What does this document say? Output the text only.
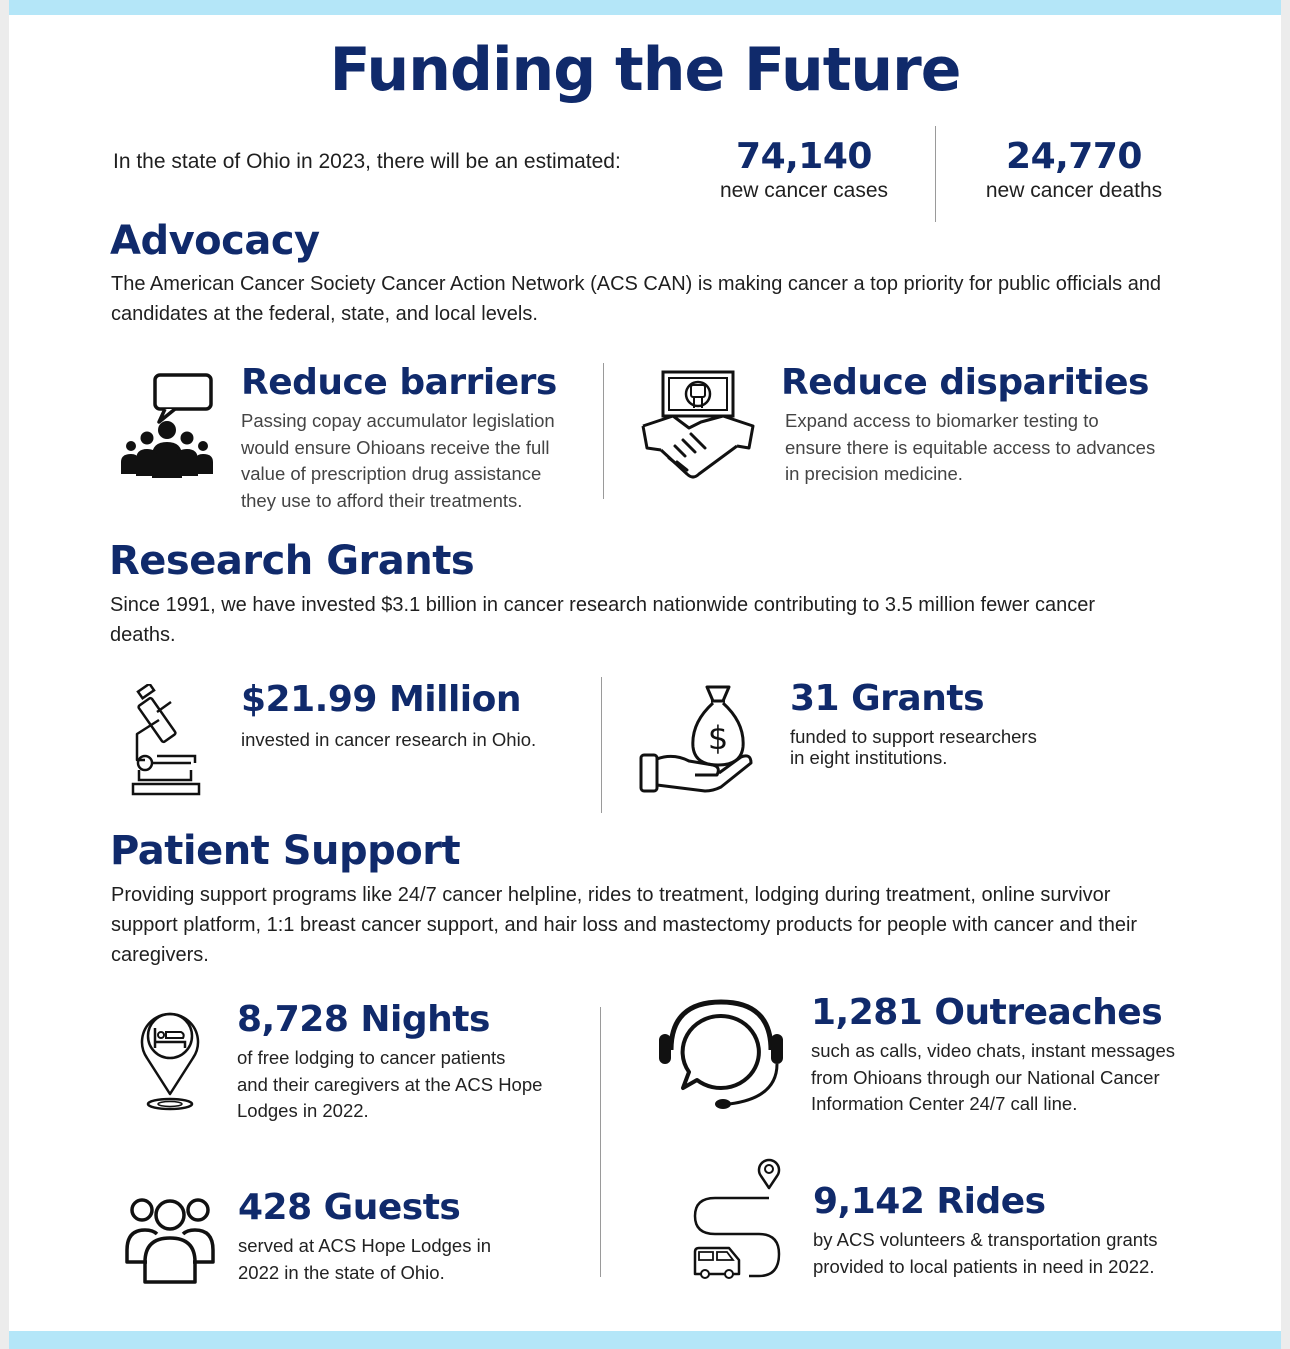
Funding the Future
In the state of Ohio in 2023, there will be an estimated:	74,140
new cancer cases
24,770
new cancer deaths
Advocacy
The American Cancer Society Cancer Action Network (ACS CAN) is making cancer a top priority for public officials and candidates at the federal, state, and local levels.
Reduce barriers
Passing copay accumulator legislation
would ensure Ohioans receive the full
value of prescription drug assistance
they use to afford their treatments.
Reduce disparities
Expand access to biomarker testing to
ensure there is equitable access to advances
in precision medicine.
Research Grants
Since 1991, we have invested $3.1 billion in cancer research nationwide contributing to 3.5 million fewer cancer deaths.
$21.99 Million
invested in cancer research in Ohio.	$
31 Grants
funded to support researchers
in eight institutions.
Patient Support
Providing support programs like 24/7 cancer helpline, rides to treatment, lodging during treatment, online survivor support platform, 1:1 breast cancer support, and hair loss and mastectomy products for people with cancer and their caregivers.
8,728 Nights
of free lodging to cancer patients
and their caregivers at the ACS Hope
Lodges in 2022.
1,281 Outreaches
such as calls, video chats, instant messages
from Ohioans through our National Cancer
Information Center 24/7 call line.
428 Guests
served at ACS Hope Lodges in
2022 in the state of Ohio.
9,142 Rides
by ACS volunteers & transportation grants
provided to local patients in need in 2022.
